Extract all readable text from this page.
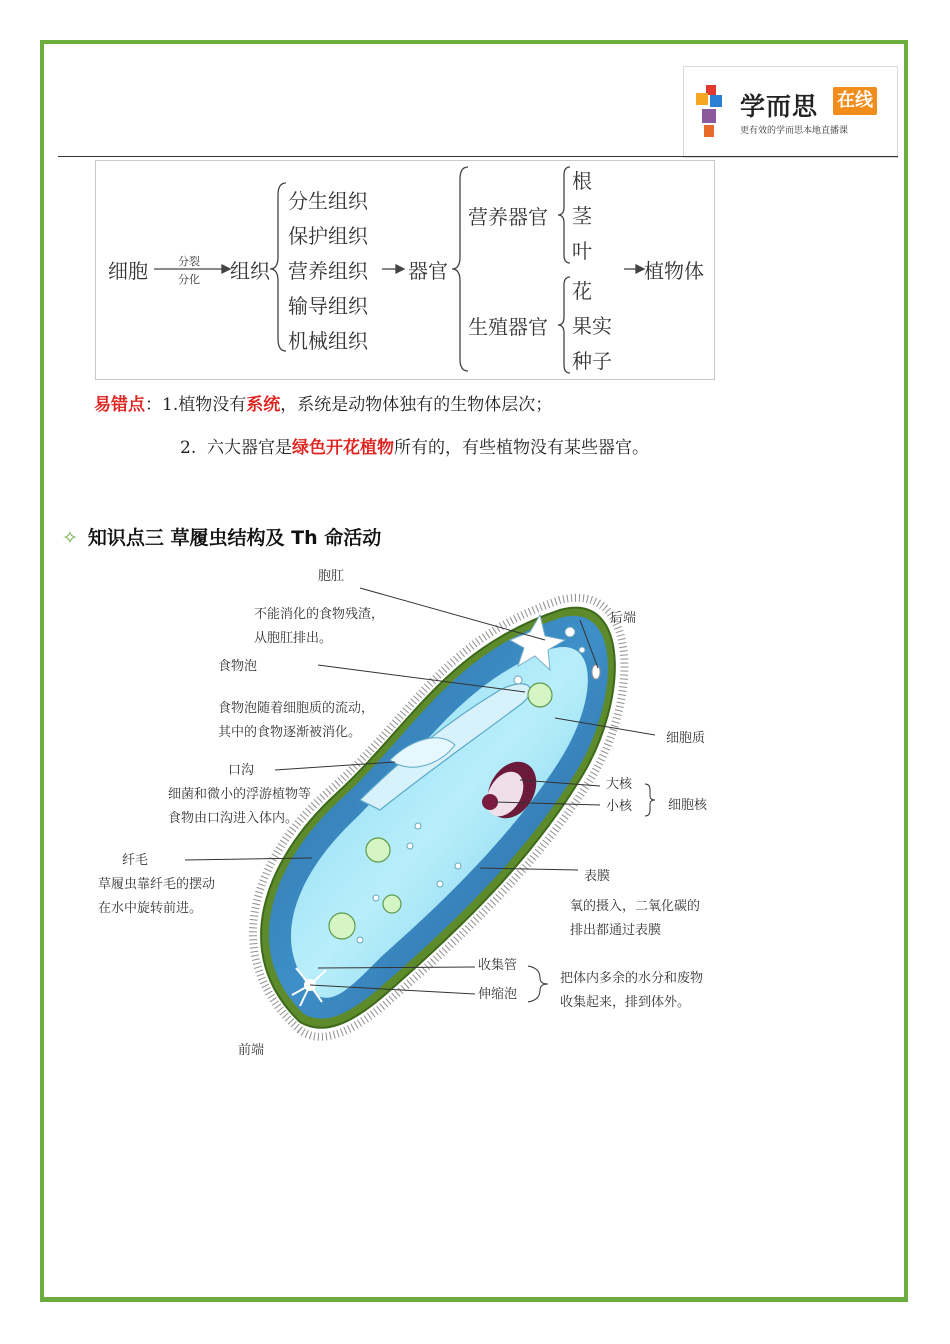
学而思 在线
更有效的学而思本地直播课
细胞	分裂
分化 组织
分生组织
保护组织
营养组织
输导组织
机械组织
器官
营养器官
生殖器官
根
茎
叶
花
果实
种子
植物体
易错点：1.植物没有系统，系统是动物体独有的生物体层次；
2. 六大器官是绿色开花植物所有的，有些植物没有某些器官。
✧ 知识点三 草履虫结构及 Th 命活动
胞肛
不能消化的食物残渣，
从胞肛排出。
食物泡
食物泡随着细胞质的流动，
其中的食物逐渐被消化。
口沟
细菌和微小的浮游植物等
食物由口沟进入体内。
纤毛
草履虫靠纤毛的摆动
在水中旋转前进。
前端
后端
细胞质
大核
小核	细胞核
表膜
氧的摄入，二氧化碳的
排出都通过表膜
收集管
伸缩泡
把体内多余的水分和废物
收集起来，排到体外。
